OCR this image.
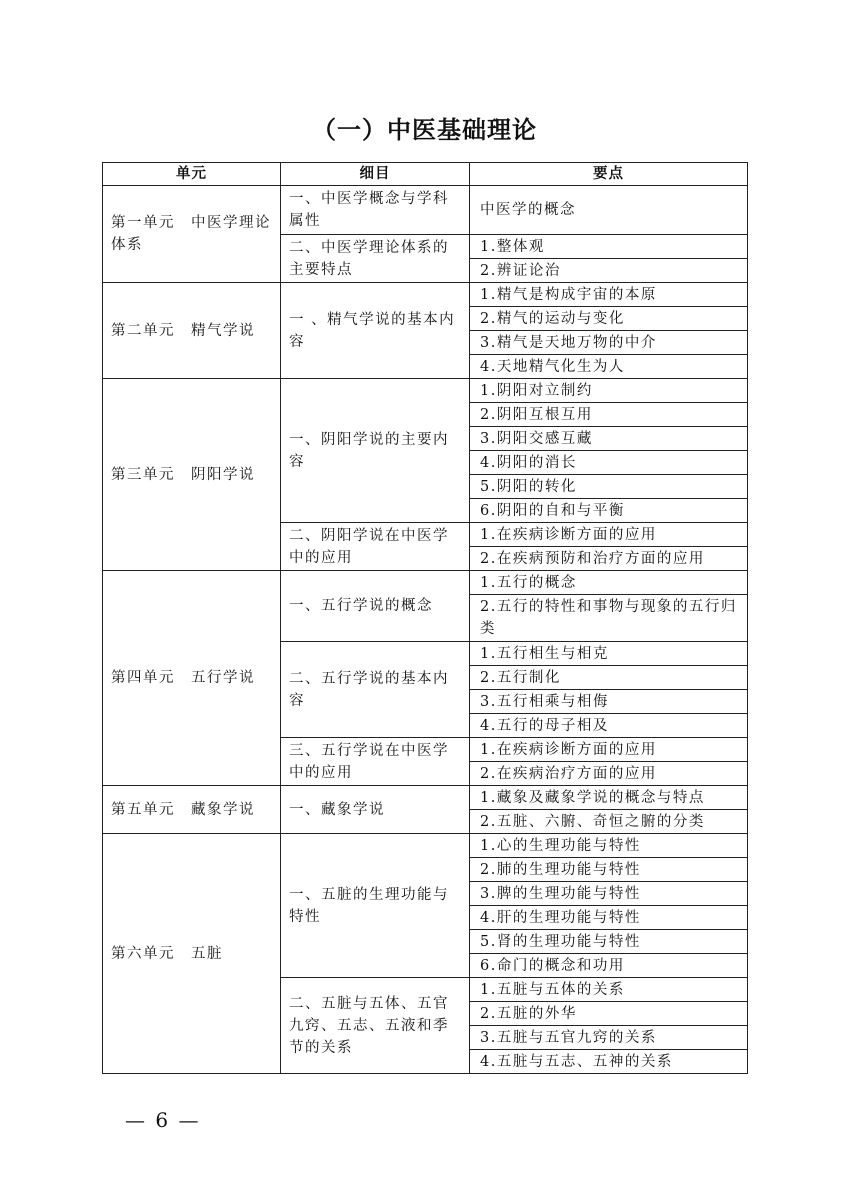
（一）中医基础理论
单元	细目	要点
第一单元　中医学理论体系	一、中医学概念与学科属性	中医学的概念
	二、中医学理论体系的主要特点	1.整体观
		2.辨证论治
第二单元　精气学说	一 、精气学说的基本内容	1.精气是构成宇宙的本原
		2.精气的运动与变化
		3.精气是天地万物的中介
		4.天地精气化生为人
第三单元　阴阳学说	一、阴阳学说的主要内容	1.阴阳对立制约
		2.阴阳互根互用
		3.阴阳交感互藏
		4.阴阳的消长
		5.阴阳的转化
		6.阴阳的自和与平衡
	二、阴阳学说在中医学中的应用	1.在疾病诊断方面的应用
		2.在疾病预防和治疗方面的应用
第四单元　五行学说	一、五行学说的概念	1.五行的概念
		2.五行的特性和事物与现象的五行归类
	二、五行学说的基本内容	1.五行相生与相克
		2.五行制化
		3.五行相乘与相侮
		4.五行的母子相及
	三、五行学说在中医学中的应用	1.在疾病诊断方面的应用
		2.在疾病治疗方面的应用
第五单元　藏象学说	一、藏象学说	1.藏象及藏象学说的概念与特点
		2.五脏、六腑、奇恒之腑的分类
第六单元　五脏	一、五脏的生理功能与特性	1.心的生理功能与特性
		2.肺的生理功能与特性
		3.脾的生理功能与特性
		4.肝的生理功能与特性
		5.肾的生理功能与特性
		6.命门的概念和功用
	二、五脏与五体、五官九窍、五志、五液和季节的关系	1.五脏与五体的关系
		2.五脏的外华
		3.五脏与五官九窍的关系
		4.五脏与五志、五神的关系
— 6 —
